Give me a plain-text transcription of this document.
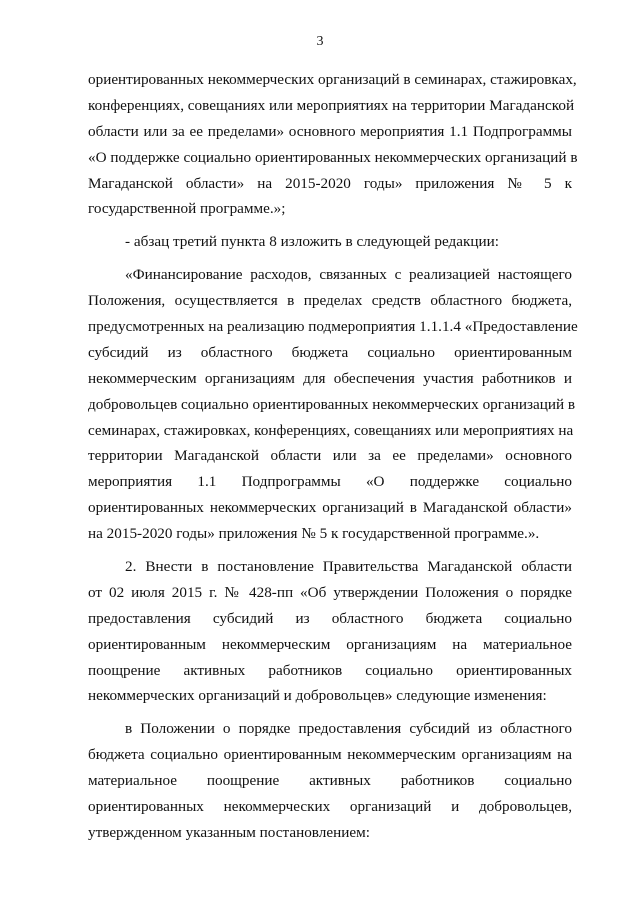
3
ориентированных некоммерческих организаций в семинарах, стажировках,
конференциях, совещаниях или мероприятиях на территории Магаданской
области или за ее пределами» основного мероприятия 1.1 Подпрограммы
«О поддержке социально ориентированных некоммерческих организаций в
Магаданской области» на 2015-2020 годы» приложения № 5 к
государственной программе.»;
- абзац третий пункта 8 изложить в следующей редакции:
«Финансирование расходов, связанных с реализацией настоящего
Положения, осуществляется в пределах средств областного бюджета,
предусмотренных на реализацию подмероприятия 1.1.1.4 «Предоставление
субсидий из областного бюджета социально ориентированным
некоммерческим организациям для обеспечения участия работников и
добровольцев социально ориентированных некоммерческих организаций в
семинарах, стажировках, конференциях, совещаниях или мероприятиях на
территории Магаданской области или за ее пределами» основного
мероприятия 1.1 Подпрограммы «О поддержке социально
ориентированных некоммерческих организаций в Магаданской области»
на 2015-2020 годы» приложения № 5 к государственной программе.».
2. Внести в постановление Правительства Магаданской области
от 02 июля 2015 г. № 428-пп «Об утверждении Положения о порядке
предоставления субсидий из областного бюджета социально
ориентированным некоммерческим организациям на материальное
поощрение активных работников социально ориентированных
некоммерческих организаций и добровольцев» следующие изменения:
в Положении о порядке предоставления субсидий из областного
бюджета социально ориентированным некоммерческим организациям на
материальное поощрение активных работников социально
ориентированных некоммерческих организаций и добровольцев,
утвержденном указанным постановлением:
